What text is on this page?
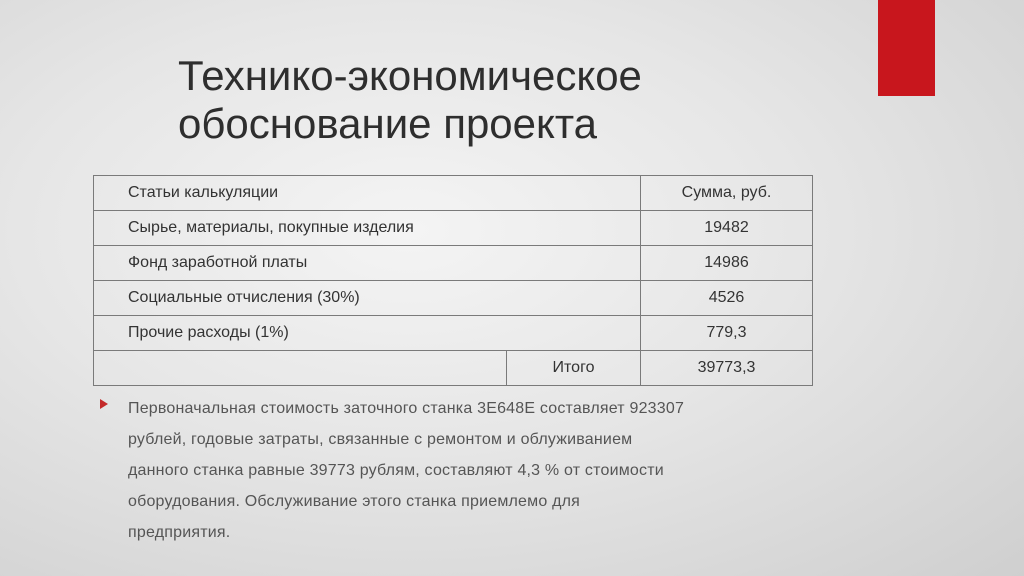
Технико-экономическое
обоснование проекта
Статьи калькуляции		Сумма, руб.
Сырье, материалы, покупные изделия		19482
Фонд заработной платы		14986
Социальные отчисления (30%)		4526
Прочие расходы (1%)		779,3
	Итого	39773,3

Первоначальная стоимость заточного станка 3Е648Е составляет 923307
рублей, годовые затраты, связанные с ремонтом и облуживанием
данного станка равные 39773 рублям, составляют 4,3 % от стоимости
оборудования. Обслуживание этого станка приемлемо для
предприятия.
